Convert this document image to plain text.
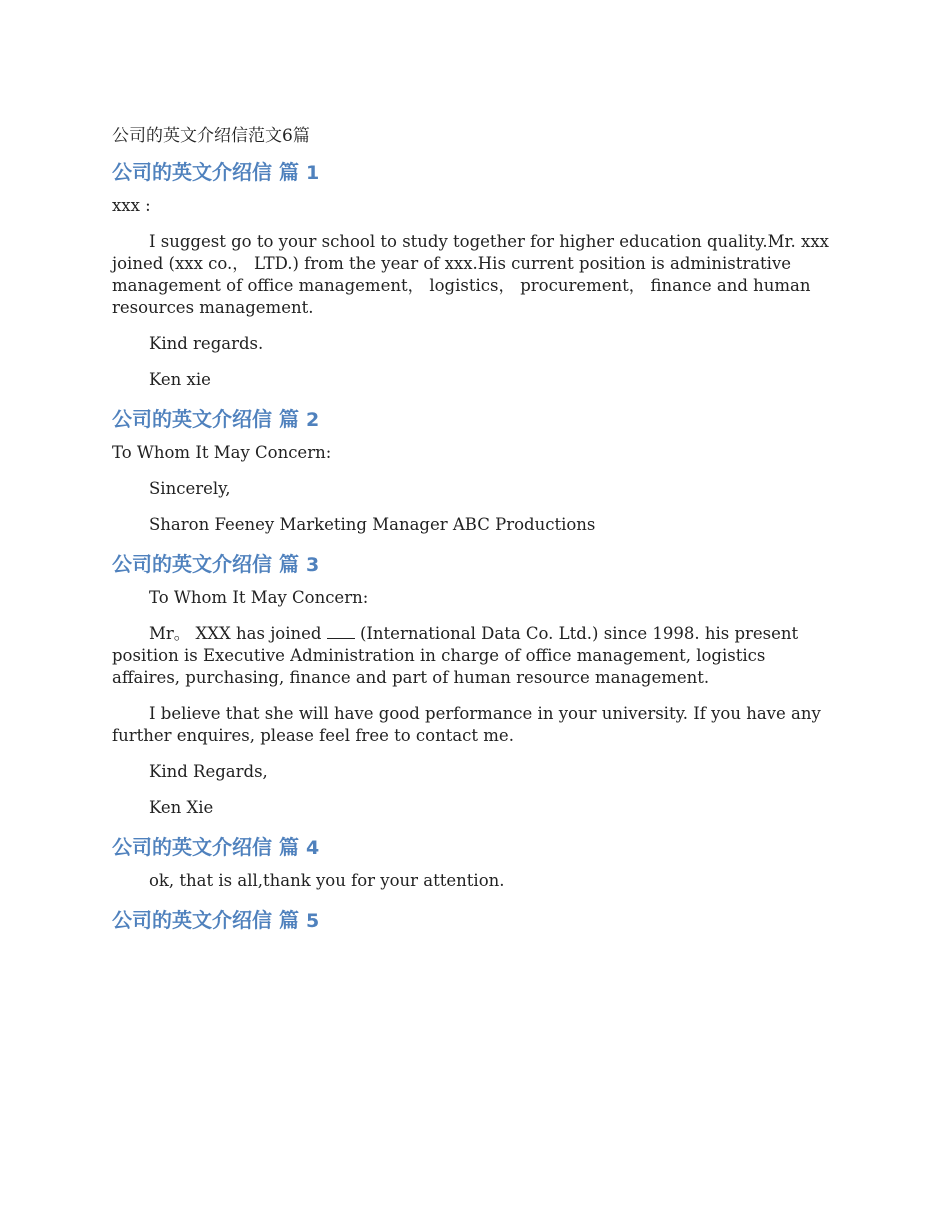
公司的英文介绍信范文6篇
公司的英文介绍信 篇 1

xxx :

I suggest go to your school to study together for higher education quality.Mr. xxx joined (xxx co.， LTD.) from the year of xxx.His current position is administrative management of office management， logistics， procurement， finance and human resources management.

Kind regards.

Ken xie

公司的英文介绍信 篇 2

To Whom It May Concern:

Sincerely,

Sharon Feeney Marketing Manager ABC Productions

公司的英文介绍信 篇 3

To Whom It May Concern:

Mr。 XXX has joined (International Data Co. Ltd.) since 1998. his present position is Executive Administration in charge of office management, logistics affaires, purchasing, finance and part of human resource management.

I believe that she will have good performance in your university. If you have any further enquires, please feel free to contact me.

Kind Regards,

Ken Xie

公司的英文介绍信 篇 4

ok, that is all,thank you for your attention.

公司的英文介绍信 篇 5
